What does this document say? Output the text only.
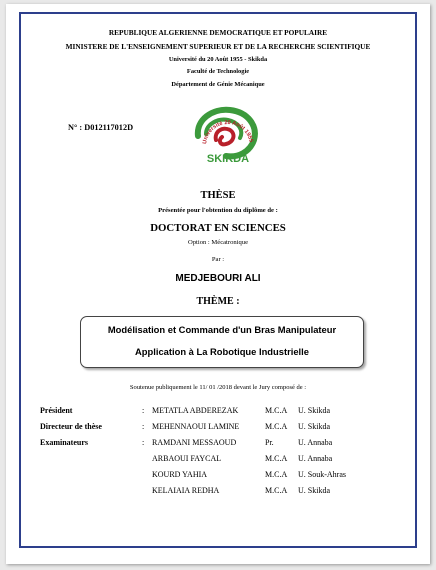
REPUBLIQUE ALGERIENNE DEMOCRATIQUE ET POPULAIRE
MINISTERE DE L'ENSEIGNEMENT SUPERIEUR ET DE LA RECHERCHE SCIENTIFIQUE
Université du 20 Août 1955 - Skikda
Faculté de Technologie
Département de Génie Mécanique
N° : D012117012D
Université 20 Août 1955
SKIKDA
THÈSE
Présentée pour l'obtention du diplôme de :
DOCTORAT EN SCIENCES
Option : Mécatronique
Par :
MEDJEBOURI ALI
THÈME :
Modélisation et Commande d'un Bras Manipulateur
Application à La Robotique Industrielle
Soutenue publiquement le 11/ 01 /2018 devant le Jury composé de :
Président	: METATLA ABDEREZAK	M.C.A U. Skikda
Directeur de thèse	: MEHENNAOUI LAMINE	M.C.A U. Skikda
Examinateurs	: RAMDANI MESSAOUD	Pr.	U. Annaba
ARBAOUI FAYCAL	M.C.A U. Annaba
KOURD YAHIA	M.C.A U. Souk-Ahras
KELAIAIA REDHA	M.C.A U. Skikda
